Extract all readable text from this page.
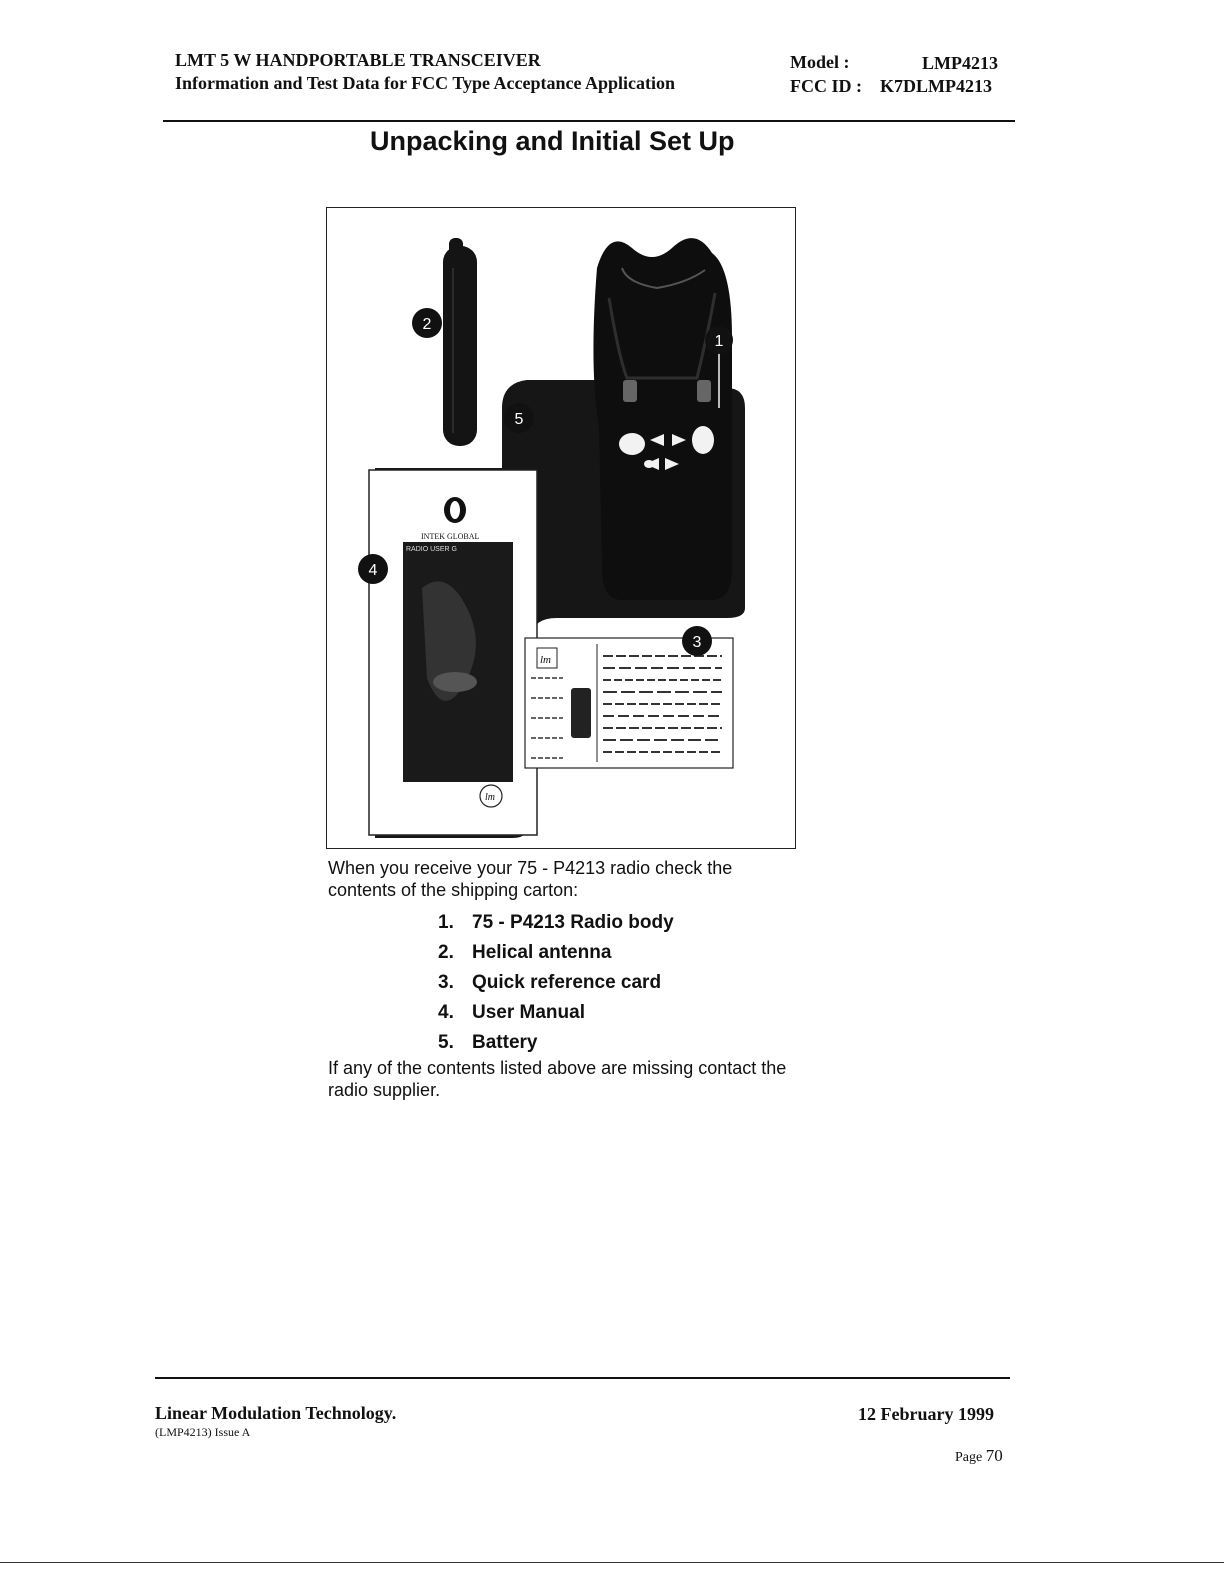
LMT 5 W HANDPORTABLE TRANSCEIVER
Information and Test Data for FCC Type Acceptance Application
Model :	LMP4213
FCC ID : K7DLMP4213
Unpacking and Initial Set Up
INTEK GLOBAL
RADIO USER G
lm
lm
1
2
3
4
5
When you receive your 75 - P4213 radio check the contents of the shipping carton:
1. 75 - P4213 Radio body
2. Helical antenna
3. Quick reference card
4. User Manual
5. Battery
If any of the contents listed above are missing contact the radio supplier.
Linear Modulation Technology.
(LMP4213) Issue A
12 February 1999
Page 70
